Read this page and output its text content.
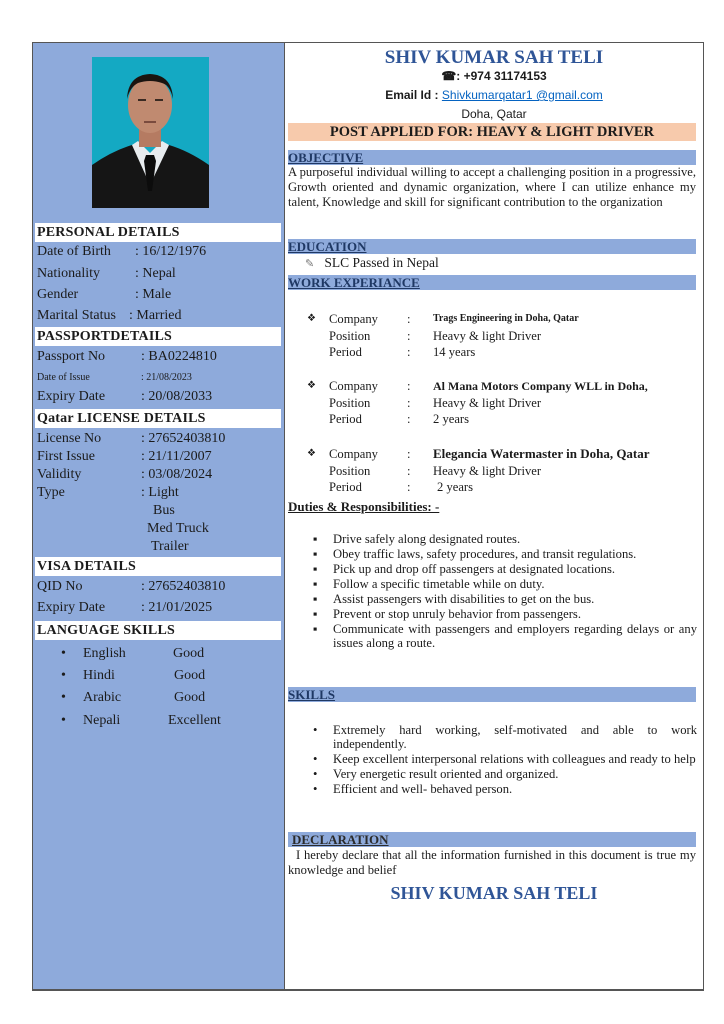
PERSONAL DETAILS
Date of Birth : 16/12/1976
Nationality	: Nepal
Gender	: Male
Marital Status : Married
PASSPORTDETAILS
Passport No	: BA0224810
Date of Issue	: 21/08/2023
Expiry Date	: 20/08/2033
Qatar LICENSE DETAILS
License No	: 27652403810
First Issue	: 21/11/2007
Validity	: 03/08/2024
Type	: Light
Bus
Med Truck
Trailer
VISA DETAILS
QID No	: 27652403810
Expiry Date	: 21/01/2025
LANGUAGE SKILLS
• English	Good
• Hindi	Good
• Arabic	Good
• Nepali	Excellent
SHIV KUMAR SAH TELI
☎: +974 31174153
Email Id : Shivkumarqatar1 @gmail.com
Doha, Qatar
POST APPLIED FOR: HEAVY & LIGHT DRIVER
OBJECTIVE
A purposeful individual willing to accept a challenging position in a progressive, Growth oriented and dynamic organization, where I can utilize enhance my talent, Knowledge and skill for significant contribution to the organization
EDUCATION
✎ SLC Passed in Nepal
WORK EXPERIANCE
❖ Company : Trags Engineering in Doha, Qatar
Position	: Heavy & light Driver
Period	: 14 years
❖ Company : Al Mana Motors Company WLL in Doha,
Position	: Heavy & light Driver
Period	: 2 years
❖ Company : Elegancia Watermaster in Doha, Qatar
Position	: Heavy & light Driver
Period	: 2 years
Duties & Responsibilities: -
▪ Drive safely along designated routes.
▪ Obey traffic laws, safety procedures, and transit regulations.
▪ Pick up and drop off passengers at designated locations.
▪ Follow a specific timetable while on duty.
▪ Assist passengers with disabilities to get on the bus.
▪ Prevent or stop unruly behavior from passengers.
▪ Communicate with passengers and employers regarding delays or any issues along a route.
SKILLS
• Extremely hard working, self-motivated and able to work independently.
• Keep excellent interpersonal relations with colleagues and ready to help
• Very energetic result oriented and organized.
• Efficient and well- behaved person.
DECLARATION
I hereby declare that all the information furnished in this document is true my knowledge and belief
SHIV KUMAR SAH TELI
